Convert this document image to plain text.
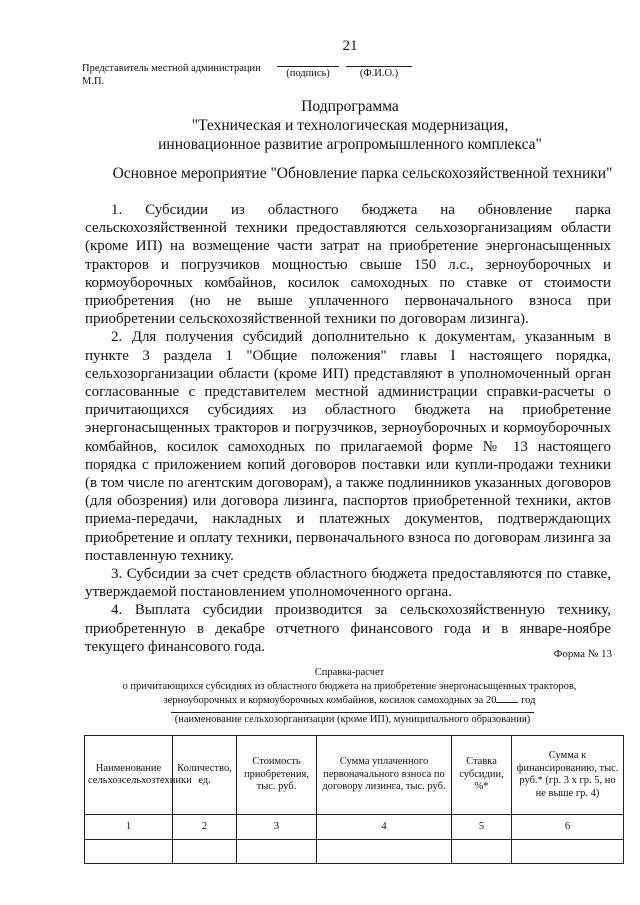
21
Представитель местной администрации
М.П.
(подпись)	(Ф.И.О.)
Подпрограмма
"Техническая и технологическая модернизация,
инновационное развитие агропромышленного комплекса"
Основное мероприятие "Обновление парка сельскохозяйственной техники"

1. Субсидии из областного бюджета на обновление парка сельскохозяйственной техники предоставляются сельхозорганизациям области (кроме ИП) на возмещение части затрат на приобретение энергонасыщенных тракторов и погрузчиков мощностью свыше 150 л.с., зерноуборочных и кормоуборочных комбайнов, косилок самоходных по ставке от стоимости приобретения (но не выше уплаченного первоначального взноса при приобретении сельскохозяйственной техники по договорам лизинга).

2. Для получения субсидий дополнительно к документам, указанным в пункте 3 раздела 1 "Общие положения" главы I настоящего порядка, сельхозорганизации области (кроме ИП) представляют в уполномоченный орган согласованные с представителем местной администрации справки-расчеты о причитающихся субсидиях из областного бюджета на приобретение энергонасыщенных тракторов и погрузчиков, зерноуборочных и кормоуборочных комбайнов, косилок самоходных по прилагаемой форме № 13 настоящего порядка с приложением копий договоров поставки или купли-продажи техники (в том числе по агентским договорам), а также подлинников указанных договоров (для обозрения) или договора лизинга, паспортов приобретенной техники, актов приема-передачи, накладных и платежных документов, подтверждающих приобретение и оплату техники, первоначального взноса по договорам лизинга за поставленную технику.

3. Субсидии за счет средств областного бюджета предоставляются по ставке, утверждаемой постановлением уполномоченного органа.

4. Выплата субсидии производится за сельскохозяйственную технику, приобретенную в декабре отчетного финансового года и в январе-ноябре текущего финансового года.	Форма № 13
Справка-расчет
о причитающихся субсидиях из областного бюджета на приобретение энергонасыщенных тракторов,
зерноуборочных и кормоуборочных комбайнов, косилок самоходных за 20 год
(наименование сельхозорганизации (кроме ИП), муниципального образования)
Наименование сельхозсельхозтехники	Количество, ед.	Стоимость приобретения, тыс. руб.	Сумма уплаченного первоначального взноса по договору лизинга, тыс. руб.	Ставка субсидии, %*	Сумма к финансированию, тыс. руб.* (гр. 3 х гр. 5, но не выше гр. 4)
1	2	3	4	5	6
